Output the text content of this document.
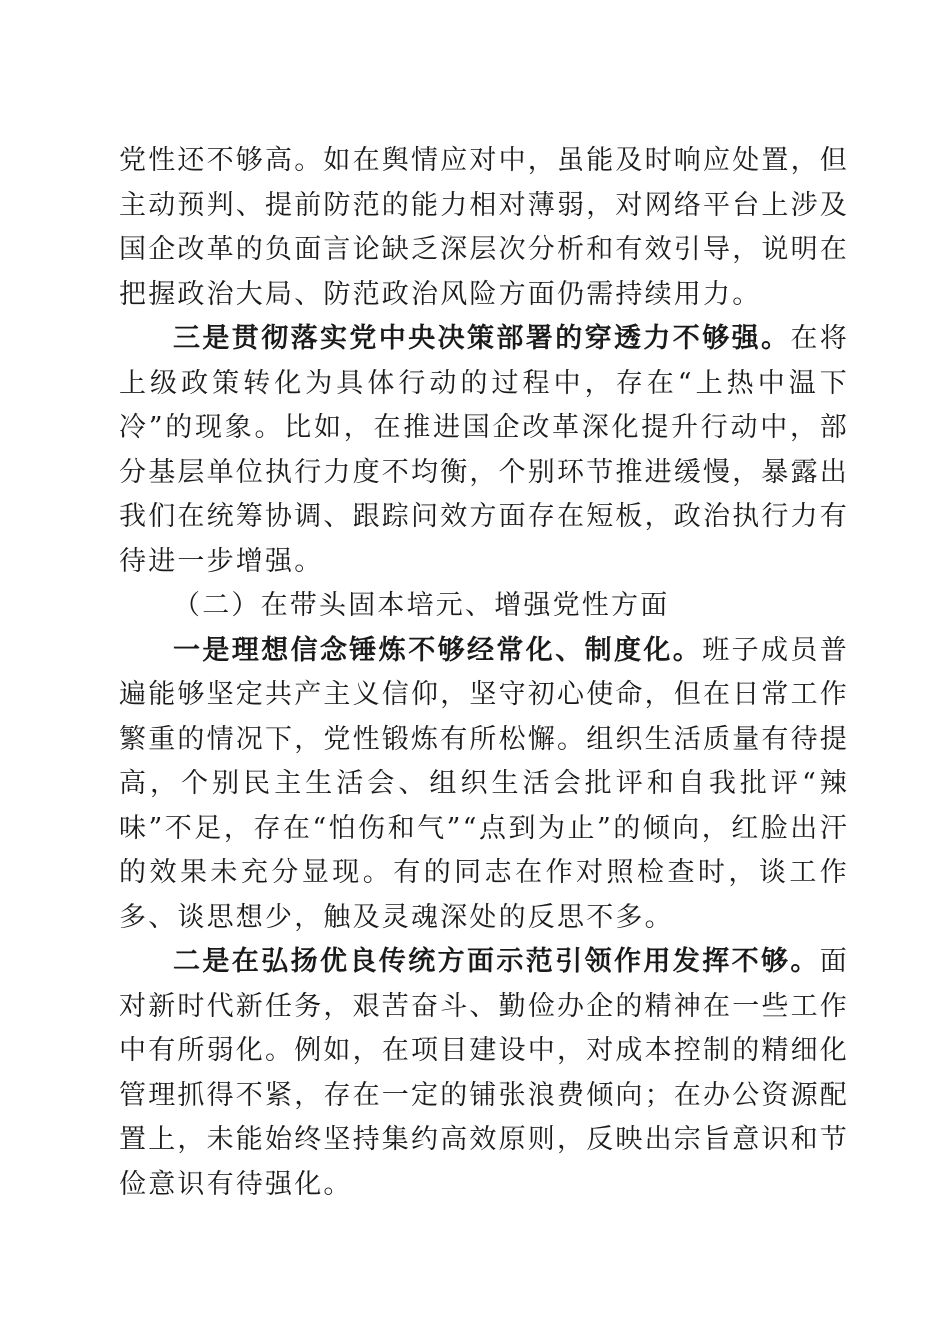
党性还不够高。如在舆情应对中，虽能及时响应处置，但主动预判、提前防范的能力相对薄弱，对网络平台上涉及国企改革的负面言论缺乏深层次分析和有效引导，说明在把握政治大局、防范政治风险方面仍需持续用力。

三是贯彻落实党中央决策部署的穿透力不够强。在将上级政策转化为具体行动的过程中，存在“上热中温下冷”的现象。比如，在推进国企改革深化提升行动中，部分基层单位执行力度不均衡，个别环节推进缓慢，暴露出我们在统筹协调、跟踪问效方面存在短板，政治执行力有待进一步增强。

（二）在带头固本培元、增强党性方面

一是理想信念锤炼不够经常化、制度化。班子成员普遍能够坚定共产主义信仰，坚守初心使命，但在日常工作繁重的情况下，党性锻炼有所松懈。组织生活质量有待提高，个别民主生活会、组织生活会批评和自我批评“辣味”不足，存在“怕伤和气”“点到为止”的倾向，红脸出汗的效果未充分显现。有的同志在作对照检查时，谈工作多、谈思想少，触及灵魂深处的反思不多。

二是在弘扬优良传统方面示范引领作用发挥不够。面对新时代新任务，艰苦奋斗、勤俭办企的精神在一些工作中有所弱化。例如，在项目建设中，对成本控制的精细化管理抓得不紧，存在一定的铺张浪费倾向；在办公资源配置上，未能始终坚持集约高效原则，反映出宗旨意识和节俭意识有待强化。
